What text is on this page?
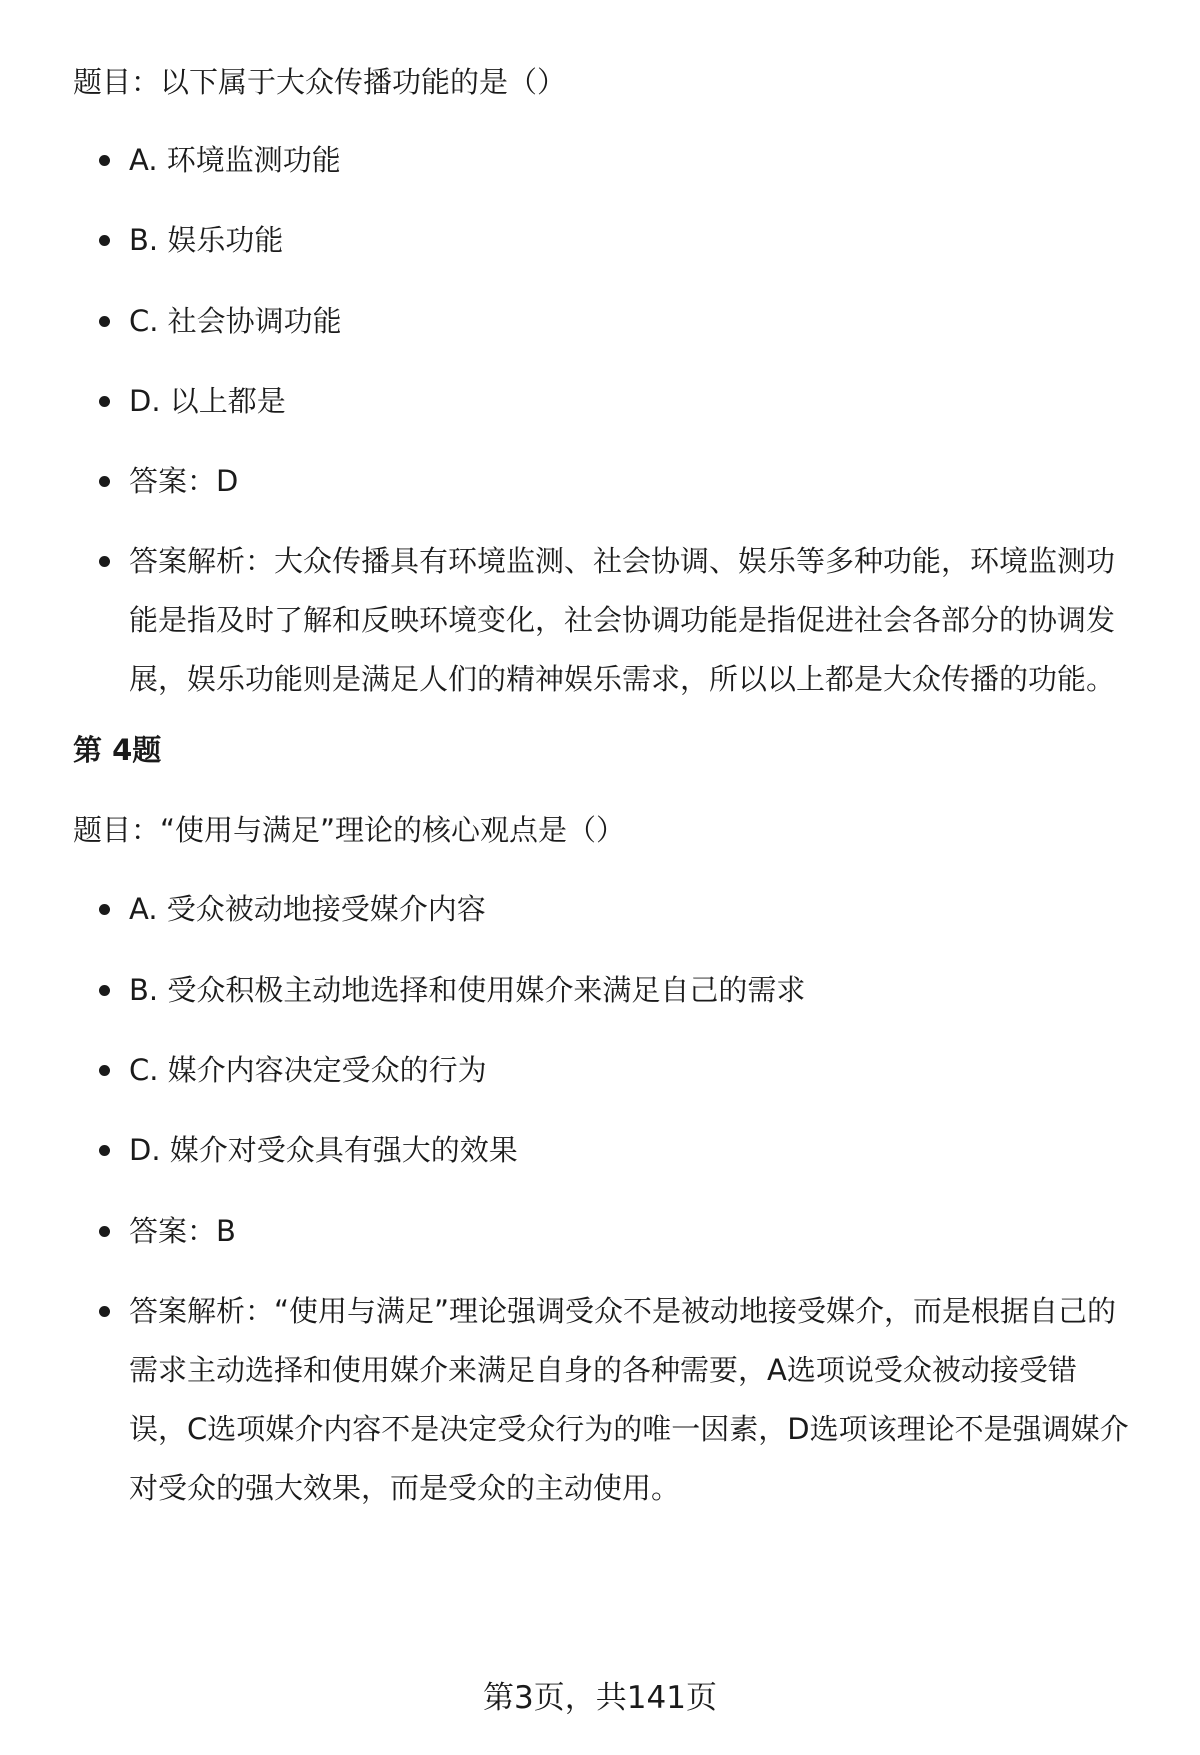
题目：以下属于大众传播功能的是（）
A. 环境监测功能
B. 娱乐功能
C. 社会协调功能
D. 以上都是
答案：D
答案解析：大众传播具有环境监测、社会协调、娱乐等多种功能，环境监测功能是指及时了解和反映环境变化，社会协调功能是指促进社会各部分的协调发展，娱乐功能则是满足人们的精神娱乐需求，所以以上都是大众传播的功能。
第 4题
题目：“使用与满足”理论的核心观点是（）
A. 受众被动地接受媒介内容
B. 受众积极主动地选择和使用媒介来满足自己的需求
C. 媒介内容决定受众的行为
D. 媒介对受众具有强大的效果
答案：B
答案解析：“使用与满足”理论强调受众不是被动地接受媒介，而是根据自己的需求主动选择和使用媒介来满足自身的各种需要，A选项说受众被动接受错误，C选项媒介内容不是决定受众行为的唯一因素，D选项该理论不是强调媒介对受众的强大效果，而是受众的主动使用。
第3页，共141页
